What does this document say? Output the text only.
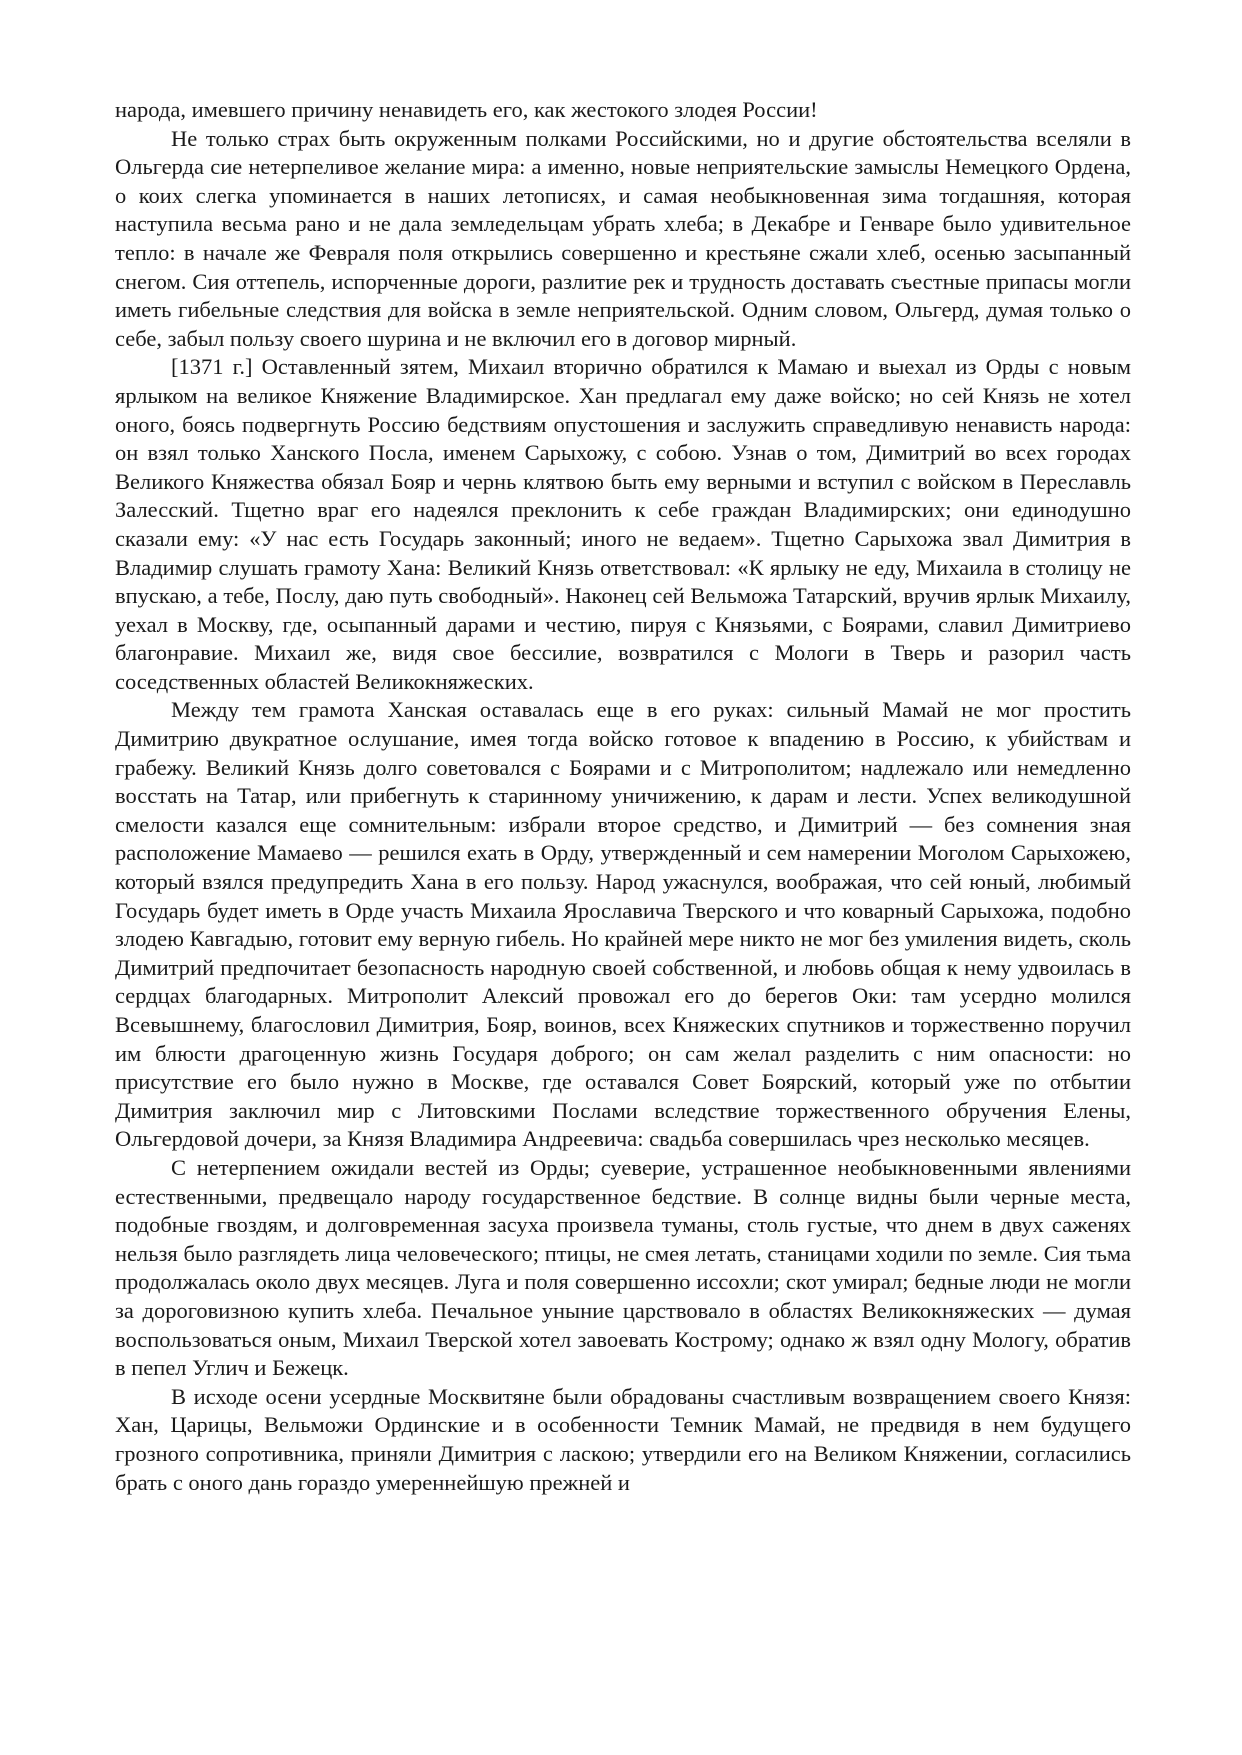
народа, имевшего причину ненавидеть его, как жестокого злодея России!

Не только страх быть окруженным полками Российскими, но и другие обстоятельства вселяли в Ольгерда сие нетерпеливое желание мира: а именно, новые неприятельские замыслы Немецкого Ордена, о коих слегка упоминается в наших летописях, и самая необыкновенная зима тогдашняя, которая наступила весьма рано и не дала земледельцам убрать хлеба; в Декабре и Генваре было удивительное тепло: в начале же Февраля поля открылись совершенно и крестьяне сжали хлеб, осенью засыпанный снегом. Сия оттепель, испорченные дороги, разлитие рек и трудность доставать съестные припасы могли иметь гибельные следствия для войска в земле неприятельской. Одним словом, Ольгерд, думая только о себе, забыл пользу своего шурина и не включил его в договор мирный.

[1371 г.] Оставленный зятем, Михаил вторично обратился к Мамаю и выехал из Орды с новым ярлыком на великое Княжение Владимирское. Хан предлагал ему даже войско; но сей Князь не хотел оного, боясь подвергнуть Россию бедствиям опустошения и заслужить справедливую ненависть народа: он взял только Ханского Посла, именем Сарыхожу, с собою. Узнав о том, Димитрий во всех городах Великого Княжества обязал Бояр и чернь клятвою быть ему верными и вступил с войском в Переславль Залесский. Тщетно враг его надеялся преклонить к себе граждан Владимирских; они единодушно сказали ему: «У нас есть Государь законный; иного не ведаем». Тщетно Сарыхожа звал Димитрия в Владимир слушать грамоту Хана: Великий Князь ответствовал: «К ярлыку не еду, Михаила в столицу не впускаю, а тебе, Послу, даю путь свободный». Наконец сей Вельможа Татарский, вручив ярлык Михаилу, уехал в Москву, где, осыпанный дарами и честию, пируя с Князьями, с Боярами, славил Димитриево благонравие. Михаил же, видя свое бессилие, возвратился с Мологи в Тверь и разорил часть соседственных областей Великокняжеских.

Между тем грамота Ханская оставалась еще в его руках: сильный Мамай не мог простить Димитрию двукратное ослушание, имея тогда войско готовое к впадению в Россию, к убийствам и грабежу. Великий Князь долго советовался с Боярами и с Митрополитом; надлежало или немедленно восстать на Татар, или прибегнуть к старинному уничижению, к дарам и лести. Успех великодушной смелости казался еще сомнительным: избрали второе средство, и Димитрий — без сомнения зная расположение Мамаево — решился ехать в Орду, утвержденный и сем намерении Моголом Сарыхожею, который взялся предупредить Хана в его пользу. Народ ужаснулся, воображая, что сей юный, любимый Государь будет иметь в Орде участь Михаила Ярославича Тверского и что коварный Сарыхожа, подобно злодею Кавгадыю, готовит ему верную гибель. Но крайней мере никто не мог без умиления видеть, сколь Димитрий предпочитает безопасность народную своей собственной, и любовь общая к нему удвоилась в сердцах благодарных. Митрополит Алексий провожал его до берегов Оки: там усердно молился Всевышнему, благословил Димитрия, Бояр, воинов, всех Княжеских спутников и торжественно поручил им блюсти драгоценную жизнь Государя доброго; он сам желал разделить с ним опасности: но присутствие его было нужно в Москве, где оставался Совет Боярский, который уже по отбытии Димитрия заключил мир с Литовскими Послами вследствие торжественного обручения Елены, Ольгердовой дочери, за Князя Владимира Андреевича: свадьба совершилась чрез несколько месяцев.

С нетерпением ожидали вестей из Орды; суеверие, устрашенное необыкновенными явлениями естественными, предвещало народу государственное бедствие. В солнце видны были черные места, подобные гвоздям, и долговременная засуха произвела туманы, столь густые, что днем в двух саженях нельзя было разглядеть лица человеческого; птицы, не смея летать, станицами ходили по земле. Сия тьма продолжалась около двух месяцев. Луга и поля совершенно иссохли; скот умирал; бедные люди не могли за дороговизною купить хлеба. Печальное уныние царствовало в областях Великокняжеских — думая воспользоваться оным, Михаил Тверской хотел завоевать Кострому; однако ж взял одну Мологу, обратив в пепел Углич и Бежецк.

В исходе осени усердные Москвитяне были обрадованы счастливым возвращением своего Князя: Хан, Царицы, Вельможи Ординские и в особенности Темник Мамай, не предвидя в нем будущего грозного сопротивника, приняли Димитрия с ласкою; утвердили его на Великом Княжении, согласились брать с оного дань гораздо умереннейшую прежней и
